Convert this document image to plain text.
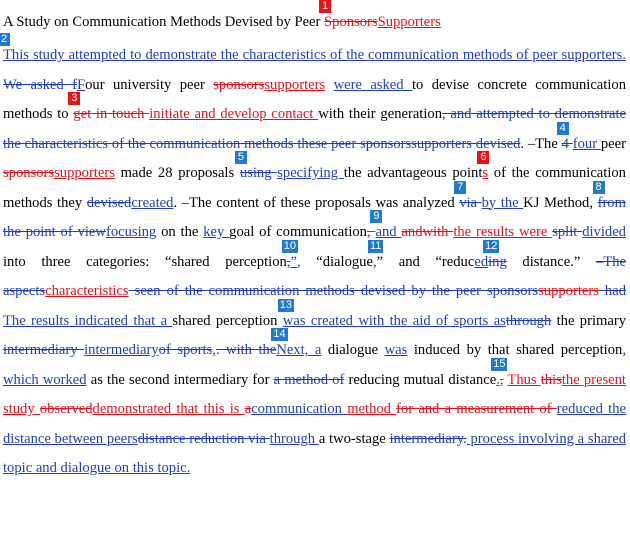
A Study on Communication Methods Devised by Peer
1
SponsorsSupporters
2
This study attempted to demonstrate the characteristics of the communication methods of peer supporters. We asked fFour university peer sponsorssupporters were asked to devise concrete communication methods to
3
get in touch initiate and develop contact with their generation, and attempted to demonstrate the characteristics of the communication methods these peer sponsorssupporters devised. –The
4
4 four peer sponsorssupporters made 28 proposals
5
using specifying the advantageous point
6
s of the communication methods they devisedcreated. –The content of these proposals was analyzed
7
via by the KJ Method,
8
from the point of viewfocusing on the key goal of communication,
9
and andwith the results were split divided into three categories: “shared perception
10
,”, “dialogue
11
,” and “reduced
12
ing distance.” –The aspectscharacteristics seen of the communication methods devised by the peer sponsorssupporters had The results indicated that a shared perception
13
was created with the aid of sports asthrough the primary intermediary intermediaryof sports,. with the
14
Next, a dialogue was induced by that shared perception, which worked as the second intermediary for a method of reducing mutual distance
15
., Thus thisthe present study observeddemonstrated that this is acommunication method for and a measurement of reduced the distance between peersdistance reduction via through a two-stage intermediary. process involving a shared topic and dialogue on this topic.
